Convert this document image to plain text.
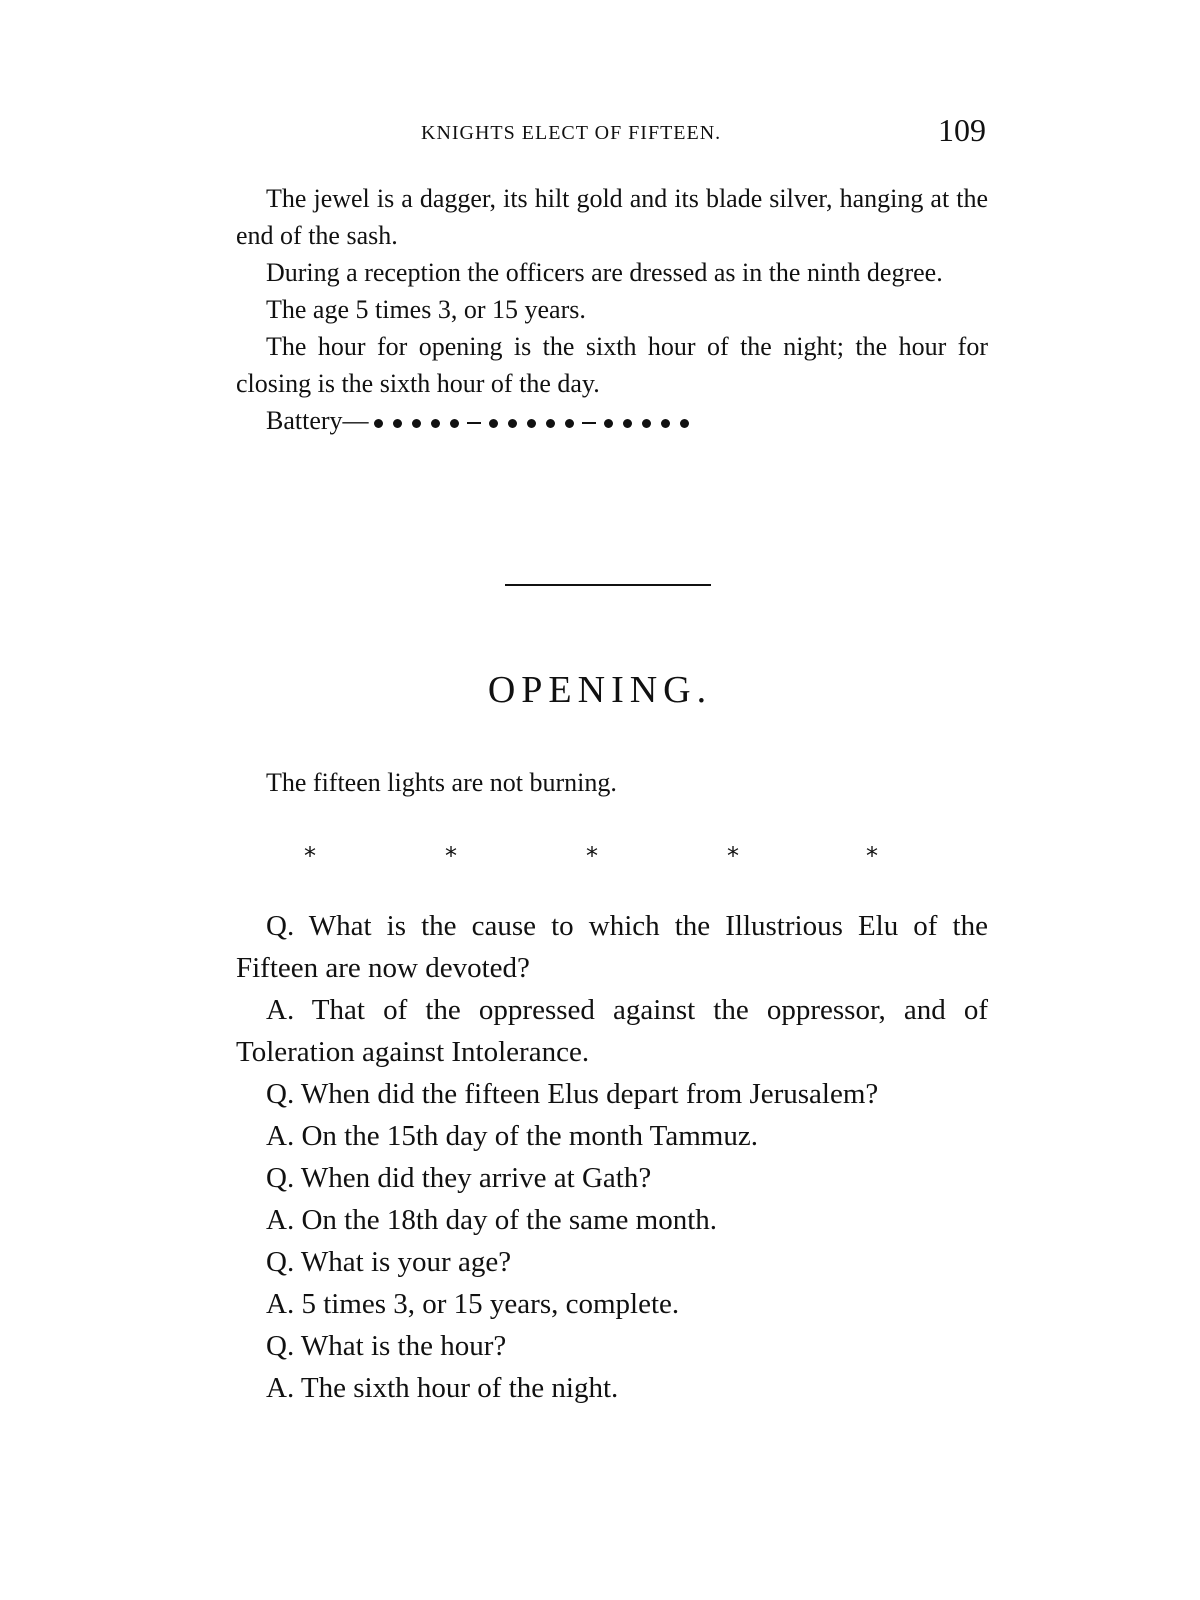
KNIGHTS ELECT OF FIFTEEN.	109

The jewel is a dagger, its hilt gold and its blade silver, hanging at the end of the sash.

During a reception the officers are dressed as in the ninth degree.

The age 5 times 3, or 15 years.

The hour for opening is the sixth hour of the night; the hour for closing is the sixth hour of the day.

Battery—

OPENING.
The fifteen lights are not burning.
*	*	*	*	*

Q. What is the cause to which the Illustrious Elu of the Fifteen are now devoted?

A. That of the oppressed against the oppressor, and of Toleration against Intolerance.

Q. When did the fifteen Elus depart from Jerusalem?

A. On the 15th day of the month Tammuz.

Q. When did they arrive at Gath?

A. On the 18th day of the same month.

Q. What is your age?

A. 5 times 3, or 15 years, complete.

Q. What is the hour?

A. The sixth hour of the night.
